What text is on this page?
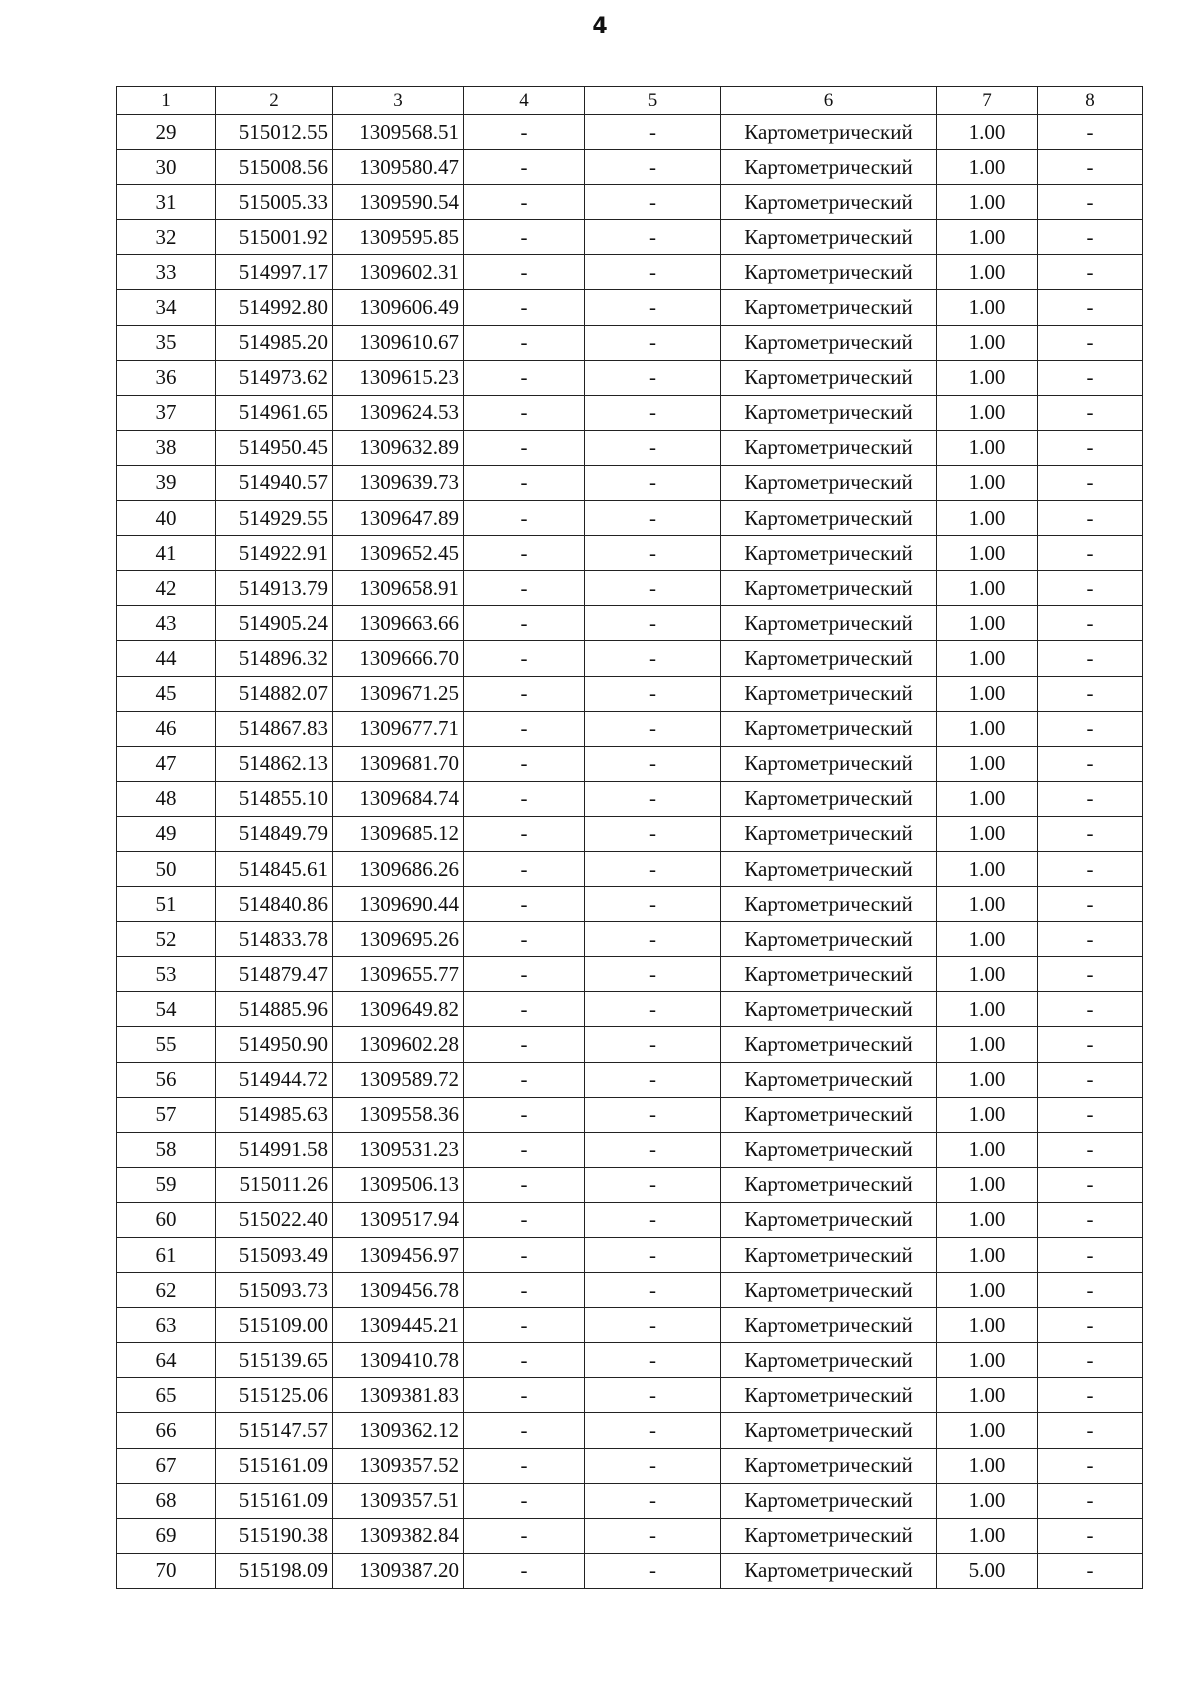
4
1	2	3	4	5	6	7	8
29	515012.55	1309568.51	-	-	Картометрический	1.00	-
30	515008.56	1309580.47	-	-	Картометрический	1.00	-
31	515005.33	1309590.54	-	-	Картометрический	1.00	-
32	515001.92	1309595.85	-	-	Картометрический	1.00	-
33	514997.17	1309602.31	-	-	Картометрический	1.00	-
34	514992.80	1309606.49	-	-	Картометрический	1.00	-
35	514985.20	1309610.67	-	-	Картометрический	1.00	-
36	514973.62	1309615.23	-	-	Картометрический	1.00	-
37	514961.65	1309624.53	-	-	Картометрический	1.00	-
38	514950.45	1309632.89	-	-	Картометрический	1.00	-
39	514940.57	1309639.73	-	-	Картометрический	1.00	-
40	514929.55	1309647.89	-	-	Картометрический	1.00	-
41	514922.91	1309652.45	-	-	Картометрический	1.00	-
42	514913.79	1309658.91	-	-	Картометрический	1.00	-
43	514905.24	1309663.66	-	-	Картометрический	1.00	-
44	514896.32	1309666.70	-	-	Картометрический	1.00	-
45	514882.07	1309671.25	-	-	Картометрический	1.00	-
46	514867.83	1309677.71	-	-	Картометрический	1.00	-
47	514862.13	1309681.70	-	-	Картометрический	1.00	-
48	514855.10	1309684.74	-	-	Картометрический	1.00	-
49	514849.79	1309685.12	-	-	Картометрический	1.00	-
50	514845.61	1309686.26	-	-	Картометрический	1.00	-
51	514840.86	1309690.44	-	-	Картометрический	1.00	-
52	514833.78	1309695.26	-	-	Картометрический	1.00	-
53	514879.47	1309655.77	-	-	Картометрический	1.00	-
54	514885.96	1309649.82	-	-	Картометрический	1.00	-
55	514950.90	1309602.28	-	-	Картометрический	1.00	-
56	514944.72	1309589.72	-	-	Картометрический	1.00	-
57	514985.63	1309558.36	-	-	Картометрический	1.00	-
58	514991.58	1309531.23	-	-	Картометрический	1.00	-
59	515011.26	1309506.13	-	-	Картометрический	1.00	-
60	515022.40	1309517.94	-	-	Картометрический	1.00	-
61	515093.49	1309456.97	-	-	Картометрический	1.00	-
62	515093.73	1309456.78	-	-	Картометрический	1.00	-
63	515109.00	1309445.21	-	-	Картометрический	1.00	-
64	515139.65	1309410.78	-	-	Картометрический	1.00	-
65	515125.06	1309381.83	-	-	Картометрический	1.00	-
66	515147.57	1309362.12	-	-	Картометрический	1.00	-
67	515161.09	1309357.52	-	-	Картометрический	1.00	-
68	515161.09	1309357.51	-	-	Картометрический	1.00	-
69	515190.38	1309382.84	-	-	Картометрический	1.00	-
70	515198.09	1309387.20	-	-	Картометрический	5.00	-
